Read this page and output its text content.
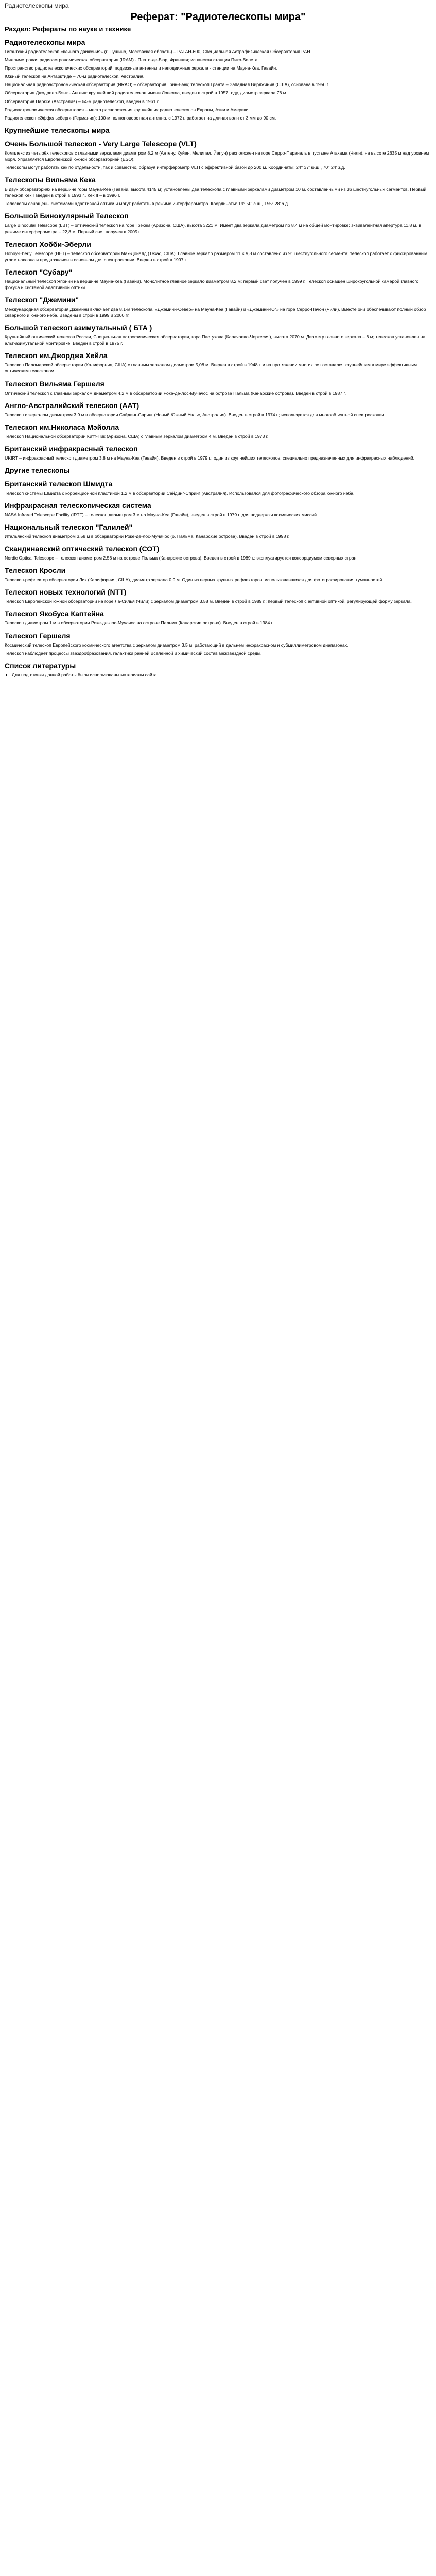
Радиотелескопы мира
Реферат: "Радиотелескопы мира"
Раздел: Рефераты по науке и технике
Радиотелескопы мира

Гигантский радиотелескоп «вечного движения» (г. Пущино, Московская область) – РАТАН-600, Специальная Астрофизическая Обсерватория РАН

Миллиметровая радиоастрономическая обсерватория (IRAM) - Плато-де-Бюр, Франция; испанская станция Пико-Велета.

Пространство радиотелескопических обсерваторий: подвижные антенны и неподвижные зеркала - станции на Мауна-Кеа, Гавайи.

Южный телескоп на Антарктиде – 70-м радиотелескоп. Австралия.

Национальная радиоастрономическая обсерватория (NRAO) – обсерватория Грин-Бэнк; телескоп Гранта – Западная Вирджиния (США), основана в 1956 г.

Обсерватория Джодрелл-Бэнк - Англия: крупнейший радиотелескоп имени Ловелла, введен в строй в 1957 году, диаметр зеркала 76 м.

Обсерватория Парксе (Австралия) – 64-м радиотелескоп, введён в 1961 г.

Радиоастрономическая обсерватория – место расположения крупнейших радиотелескопов Европы, Азии и Америки.

Радиотелескоп «Эффельсберг» (Германия): 100-м полноповоротная антенна, с 1972 г. работает на длинах волн от 3 мм до 90 см.

Крупнейшие телескопы мира
Очень Большой телескоп - Very Large Telescope (VLT)

Комплекс из четырёх телескопов с главными зеркалами диаметром 8,2 м (Антену, Куйен, Мелипал, Йепун) расположен на горе Серро-Параналь в пустыне Атакама (Чили), на высоте 2635 м над уровнем моря. Управляется Европейской южной обсерваторией (ESO).

Телескопы могут работать как по отдельности, так и совместно, образуя интерферометр VLTI с эффективной базой до 200 м. Координаты: 24° 37' ю.ш., 70° 24' з.д.

Телескопы Вильяма Кека

В двух обсерваториях на вершине горы Мауна-Кеа (Гавайи, высота 4145 м) установлены два телескопа с главными зеркалами диаметром 10 м, составленными из 36 шестиугольных сегментов. Первый телескоп Кек I введен в строй в 1993 г., Кек II – в 1996 г.

Телескопы оснащены системами адаптивной оптики и могут работать в режиме интерферометра. Координаты: 19° 50' с.ш., 155° 28' з.д.

Большой Бинокулярный Телескоп

Large Binocular Telescope (LBT) – оптический телескоп на горе Грэхем (Аризона, США), высота 3221 м. Имеет два зеркала диаметром по 8,4 м на общей монтировке; эквивалентная апертура 11,8 м, в режиме интерферометра – 22,8 м. Первый свет получен в 2005 г.

Телескоп Хобби-Эберли

Hobby-Eberly Telescope (HET) – телескоп обсерватории Мак-Доналд (Техас, США). Главное зеркало размером 11 × 9,8 м составлено из 91 шестиугольного сегмента; телескоп работает с фиксированным углом наклона и предназначен в основном для спектроскопии. Введен в строй в 1997 г.

Телескоп "Субару"

Национальный телескоп Японии на вершине Мауна-Кеа (Гавайи). Монолитное главное зеркало диаметром 8,2 м; первый свет получен в 1999 г. Телескоп оснащен широкоугольной камерой главного фокуса и системой адаптивной оптики.

Телескоп "Джемини"

Международная обсерватория Джемини включает два 8,1-м телескопа: «Джемини-Север» на Мауна-Кеа (Гавайи) и «Джемини-Юг» на горе Серро-Пачон (Чили). Вместе они обеспечивают полный обзор северного и южного неба. Введены в строй в 1999 и 2000 гг.

Большой телескоп азимутальный ( БТА )

Крупнейший оптический телескоп России, Специальная астрофизическая обсерватория, гора Пастухова (Карачаево-Черкесия), высота 2070 м. Диаметр главного зеркала – 6 м; телескоп установлен на альт-азимутальной монтировке. Введен в строй в 1975 г.

Телескоп им.Джорджа Хейла

Телескоп Паломарской обсерватории (Калифорния, США) с главным зеркалом диаметром 5,08 м. Введен в строй в 1948 г. и на протяжении многих лет оставался крупнейшим в мире эффективным оптическим телескопом.

Телескоп Вильяма Гершеля

Оптический телескоп с главным зеркалом диаметром 4,2 м в обсерватории Роке-де-лос-Мучачос на острове Пальма (Канарские острова). Введен в строй в 1987 г.

Англо-Австралийский телескоп (ААТ)

Телескоп с зеркалом диаметром 3,9 м в обсерватории Сайдинг-Спринг (Новый Южный Уэльс, Австралия). Введен в строй в 1974 г.; используется для многообъектной спектроскопии.

Телескоп им.Николаса Мэйолла

Телескоп Национальной обсерватории Китт-Пик (Аризона, США) с главным зеркалом диаметром 4 м. Введен в строй в 1973 г.

Британский инфракрасный телескоп

UKIRT – инфракрасный телескоп диаметром 3,8 м на Мауна-Кеа (Гавайи). Введен в строй в 1979 г.; один из крупнейших телескопов, специально предназначенных для инфракрасных наблюдений.

Другие телескопы
Британский телескоп Шмидта

Телескоп системы Шмидта с коррекционной пластиной 1,2 м в обсерватории Сайдинг-Спринг (Австралия). Использовался для фотографического обзора южного неба.

Инфракрасная телескопическая система

NASA Infrared Telescope Facility (IRTF) – телескоп диаметром 3 м на Мауна-Кеа (Гавайи), введен в строй в 1979 г. для поддержки космических миссий.

Национальный телескоп "Галилей"

Итальянский телескоп диаметром 3,58 м в обсерватории Роке-де-лос-Мучачос (о. Пальма, Канарские острова). Введен в строй в 1998 г.

Скандинавский оптический телескоп (СОТ)

Nordic Optical Telescope – телескоп диаметром 2,56 м на острове Пальма (Канарские острова). Введен в строй в 1989 г.; эксплуатируется консорциумом северных стран.

Телескоп Кросли

Телескоп-рефлектор обсерватории Лик (Калифорния, США), диаметр зеркала 0,9 м. Один из первых крупных рефлекторов, использовавшихся для фотографирования туманностей.

Телескоп новых технологий (NTT)

Телескоп Европейской южной обсерватории на горе Ла-Силья (Чили) с зеркалом диаметром 3,58 м. Введен в строй в 1989 г.; первый телескоп с активной оптикой, регулирующей форму зеркала.

Телескоп Якобуса Каптейна

Телескоп диаметром 1 м в обсерватории Роке-де-лос-Мучачос на острове Пальма (Канарские острова). Введен в строй в 1984 г.

Телескоп Гершеля

Космический телескоп Европейского космического агентства с зеркалом диаметром 3,5 м, работающий в дальнем инфракрасном и субмиллиметровом диапазонах.

Телескоп наблюдает процессы звездообразования, галактики ранней Вселенной и химический состав межзвёздной среды.

Список литературы
• Для подготовки данной работы были использованы материалы сайта.
